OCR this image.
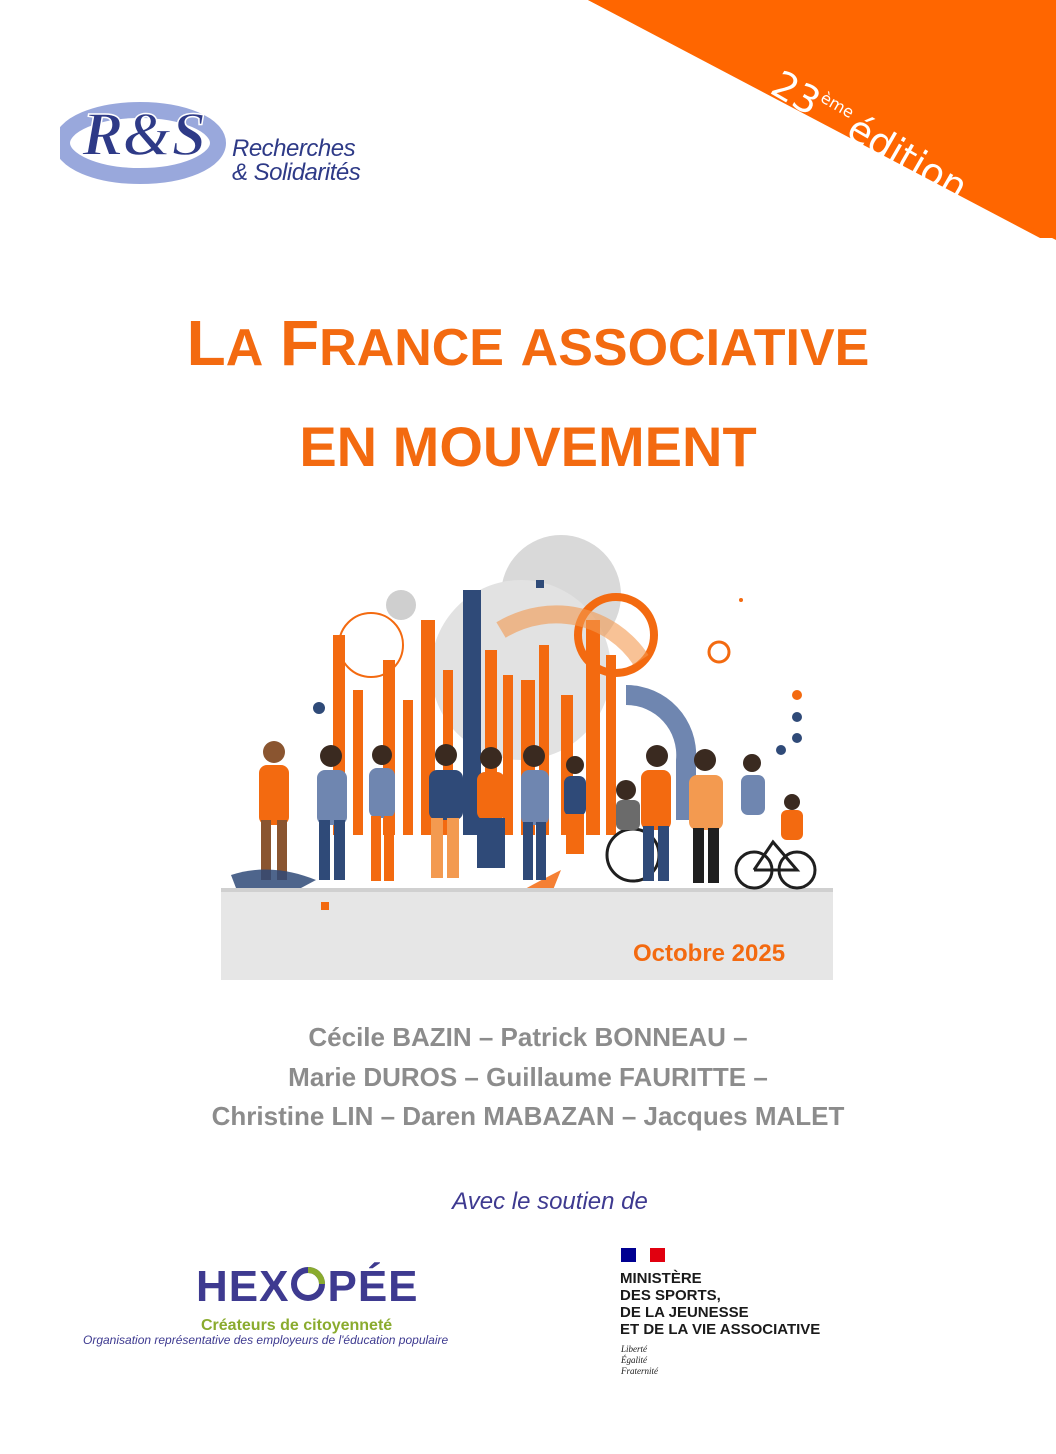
23èmeédition
R&S Recherches
& Solidarités
LA FRANCE ASSOCIATIVE
EN MOUVEMENT
Octobre 2025
Cécile BAZIN – Patrick BONNEAU –
Marie DUROS – Guillaume FAURITTE –
Christine LIN – Daren MABAZAN – Jacques MALET
Avec le soutien de
HEX PÉE
Créateurs de citoyenneté
Organisation représentative des employeurs de l'éducation populaire
MINISTÈRE
DES SPORTS,
DE LA JEUNESSE
ET DE LA VIE ASSOCIATIVE
Liberté
Égalité
Fraternité
